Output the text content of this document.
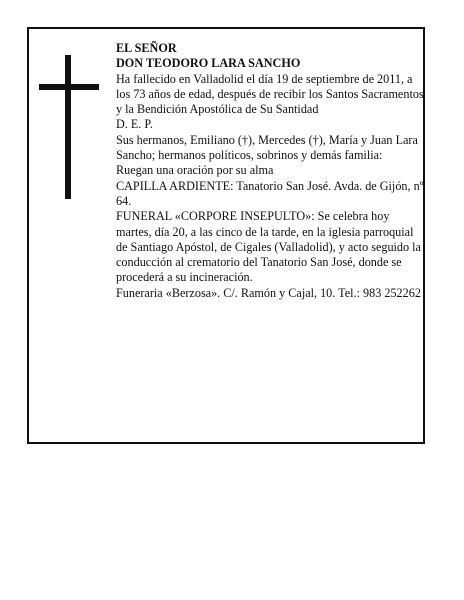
EL SEÑOR

DON TEODORO LARA SANCHO

Ha fallecido en Valladolid el día 19 de septiembre de 2011, a los 73 años de edad, después de recibir los Santos Sacramentos y la Bendición Apostólica de Su Santidad

D. E. P.

Sus hermanos, Emiliano (†), Mercedes (†), María y Juan Lara Sancho; hermanos políticos, sobrinos y demás familia:

Ruegan una oración por su alma

CAPILLA ARDIENTE: Tanatorio San José. Avda. de Gijón, nº 64.

FUNERAL «CORPORE INSEPULTO»: Se celebra hoy martes, día 20, a las cinco de la tarde, en la iglesia parroquial de Santiago Apóstol, de Cigales (Valladolid), y acto seguido la conducción al crematorio del Tanatorio San José, donde se procederá a su incineración.

Funeraria «Berzosa». C/. Ramón y Cajal, 10. Tel.: 983 252262
